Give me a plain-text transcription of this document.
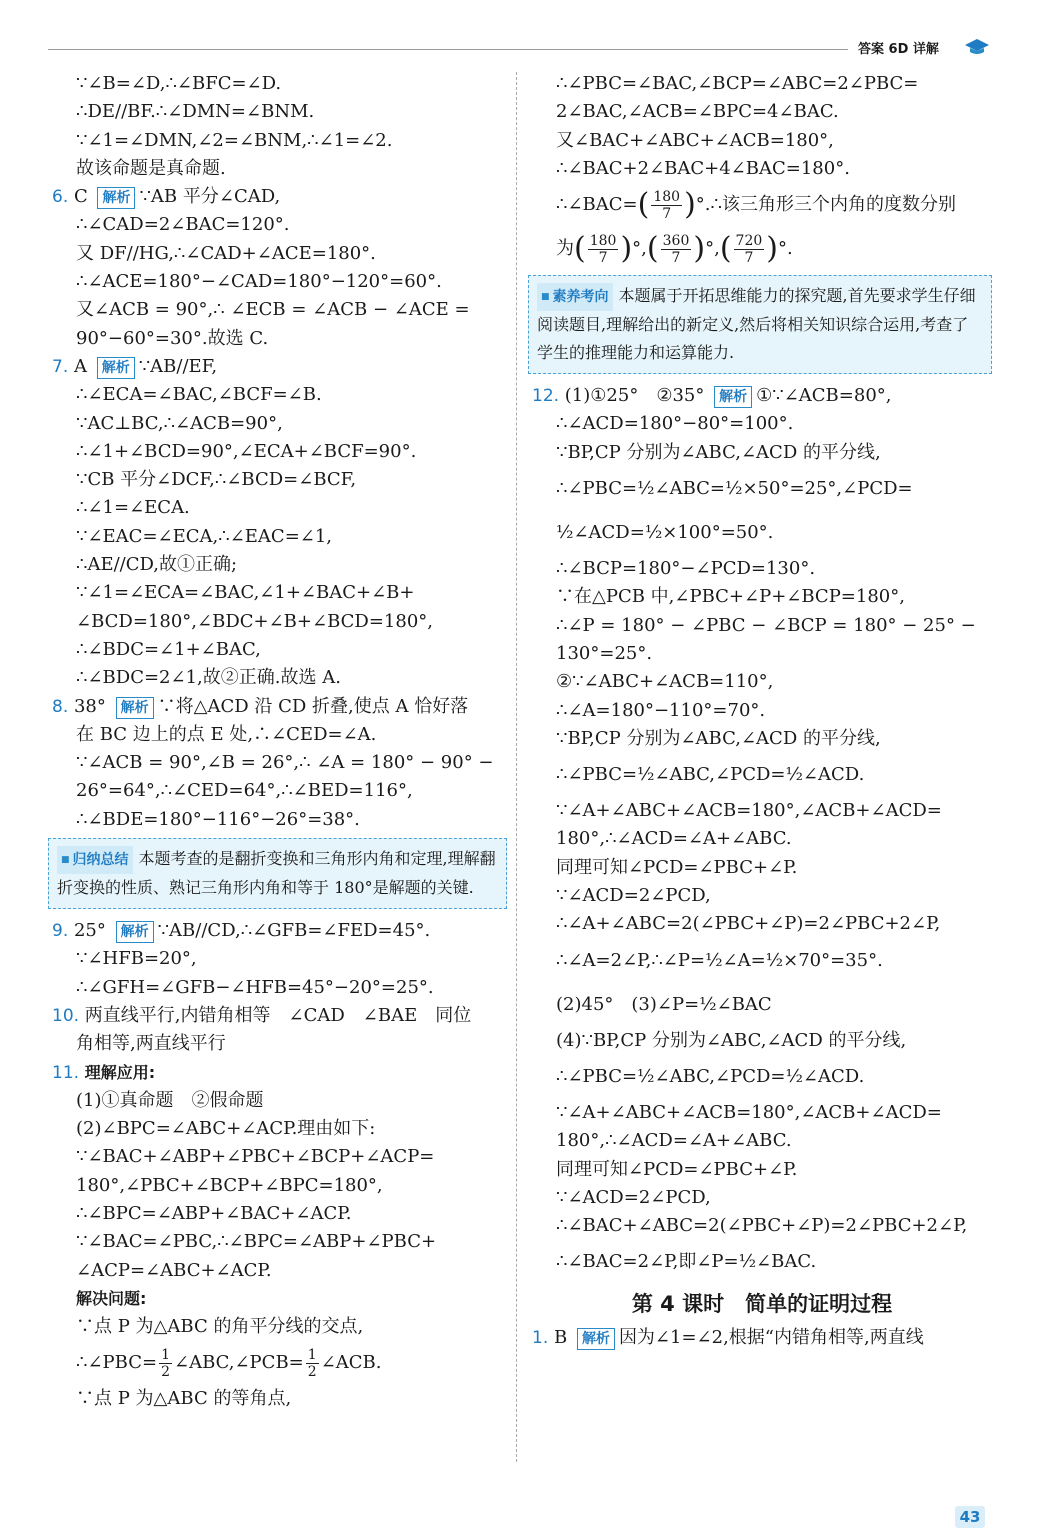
答案 6D 详解
∵∠B=∠D,∴∠BFC=∠D.
∴DE//BF.∴∠DMN=∠BNM.
∵∠1=∠DMN,∠2=∠BNM,∴∠1=∠2.
故该命题是真命题.
6. C 解析 ∵AB 平分∠CAD,
∴∠CAD=2∠BAC=120°.
又 DF//HG,∴∠CAD+∠ACE=180°.
∴∠ACE=180°−∠CAD=180°−120°=60°.
又∠ACB = 90°,∴ ∠ECB = ∠ACB − ∠ACE =
90°−60°=30°.故选 C.
7. A 解析 ∵AB//EF,
∴∠ECA=∠BAC,∠BCF=∠B.
∵AC⊥BC,∴∠ACB=90°,
∴∠1+∠BCD=90°,∠ECA+∠BCF=90°.
∵CB 平分∠DCF,∴∠BCD=∠BCF,
∴∠1=∠ECA.
∵∠EAC=∠ECA,∴∠EAC=∠1,
∴AE//CD,故①正确;
∵∠1=∠ECA=∠BAC,∠1+∠BAC+∠B+
∠BCD=180°,∠BDC+∠B+∠BCD=180°,
∴∠BDC=∠1+∠BAC,
∴∠BDC=2∠1,故②正确.故选 A.
8. 38° 解析 ∵将△ACD 沿 CD 折叠,使点 A 恰好落
在 BC 边上的点 E 处,∴∠CED=∠A.
∵∠ACB = 90°,∠B = 26°,∴ ∠A = 180° − 90° −
26°=64°,∴∠CED=64°,∴∠BED=116°,
∴∠BDE=180°−116°−26°=38°.
■ 归纳总结 本题考查的是翻折变换和三角形内角和定理,理解翻折变换的性质、熟记三角形内角和等于 180°是解题的关键.
9. 25° 解析 ∵AB//CD,∴∠GFB=∠FED=45°.
∵∠HFB=20°,
∴∠GFH=∠GFB−∠HFB=45°−20°=25°.
10. 两直线平行,内错角相等　∠CAD　∠BAE　同位
角相等,两直线平行
11. 理解应用:
(1)①真命题　②假命题
(2)∠BPC=∠ABC+∠ACP.理由如下:
∵∠BAC+∠ABP+∠PBC+∠BCP+∠ACP=
180°,∠PBC+∠BCP+∠BPC=180°,
∴∠BPC=∠ABP+∠BAC+∠ACP.
∵∠BAC=∠PBC,∴∠BPC=∠ABP+∠PBC+
∠ACP=∠ABC+∠ACP.
解决问题:
∵点 P 为△ABC 的角平分线的交点,
∴∠PBC= $\frac{1}{2}$ ∠ABC,∠PCB= $\frac{1}{2}$ ∠ACB.
∵点 P 为△ABC 的等角点,
∴∠PBC=∠BAC,∠BCP=∠ABC=2∠PBC=
2∠BAC,∠ACB=∠BPC=4∠BAC.
又∠BAC+∠ABC+∠ACB=180°,
∴∠BAC+2∠BAC+4∠BAC=180°.
∴∠BAC=( $\frac{180}{7}$ )°.∴该三角形三个内角的度数分别
为( $\frac{180}{7}$ )°,( $\frac{360}{7}$ )°,( $\frac{720}{7}$ )°.
■ 素养考向 本题属于开拓思维能力的探究题,首先要求学生仔细阅读题目,理解给出的新定义,然后将相关知识综合运用,考查了学生的推理能力和运算能力.
12. (1)①25°　②35° 解析 ①∵∠ACB=80°,
∴∠ACD=180°−80°=100°.
∵BP,CP 分别为∠ABC,∠ACD 的平分线,
∴∠PBC=½∠ABC=½×50°=25°,∠PCD=
½∠ACD=½×100°=50°.
∴∠BCP=180°−∠PCD=130°.
∵在△PCB 中,∠PBC+∠P+∠BCP=180°,
∴∠P = 180° − ∠PBC − ∠BCP = 180° − 25° −
130°=25°.
②∵∠ABC+∠ACB=110°,
∴∠A=180°−110°=70°.
∵BP,CP 分别为∠ABC,∠ACD 的平分线,
∴∠PBC=½∠ABC,∠PCD=½∠ACD.
∵∠A+∠ABC+∠ACB=180°,∠ACB+∠ACD=
180°,∴∠ACD=∠A+∠ABC.
同理可知∠PCD=∠PBC+∠P.
∵∠ACD=2∠PCD,
∴∠A+∠ABC=2(∠PBC+∠P)=2∠PBC+2∠P,
∴∠A=2∠P,∴∠P=½∠A=½×70°=35°.
(2)45°　(3)∠P=½∠BAC
(4)∵BP,CP 分别为∠ABC,∠ACD 的平分线,
∴∠PBC=½∠ABC,∠PCD=½∠ACD.
∵∠A+∠ABC+∠ACB=180°,∠ACB+∠ACD=
180°,∴∠ACD=∠A+∠ABC.
同理可知∠PCD=∠PBC+∠P.
∵∠ACD=2∠PCD,
∴∠BAC+∠ABC=2(∠PBC+∠P)=2∠PBC+2∠P,
∴∠BAC=2∠P,即∠P=½∠BAC.
第 4 课时　简单的证明过程
1. B 解析 因为∠1=∠2,根据“内错角相等,两直线
43
